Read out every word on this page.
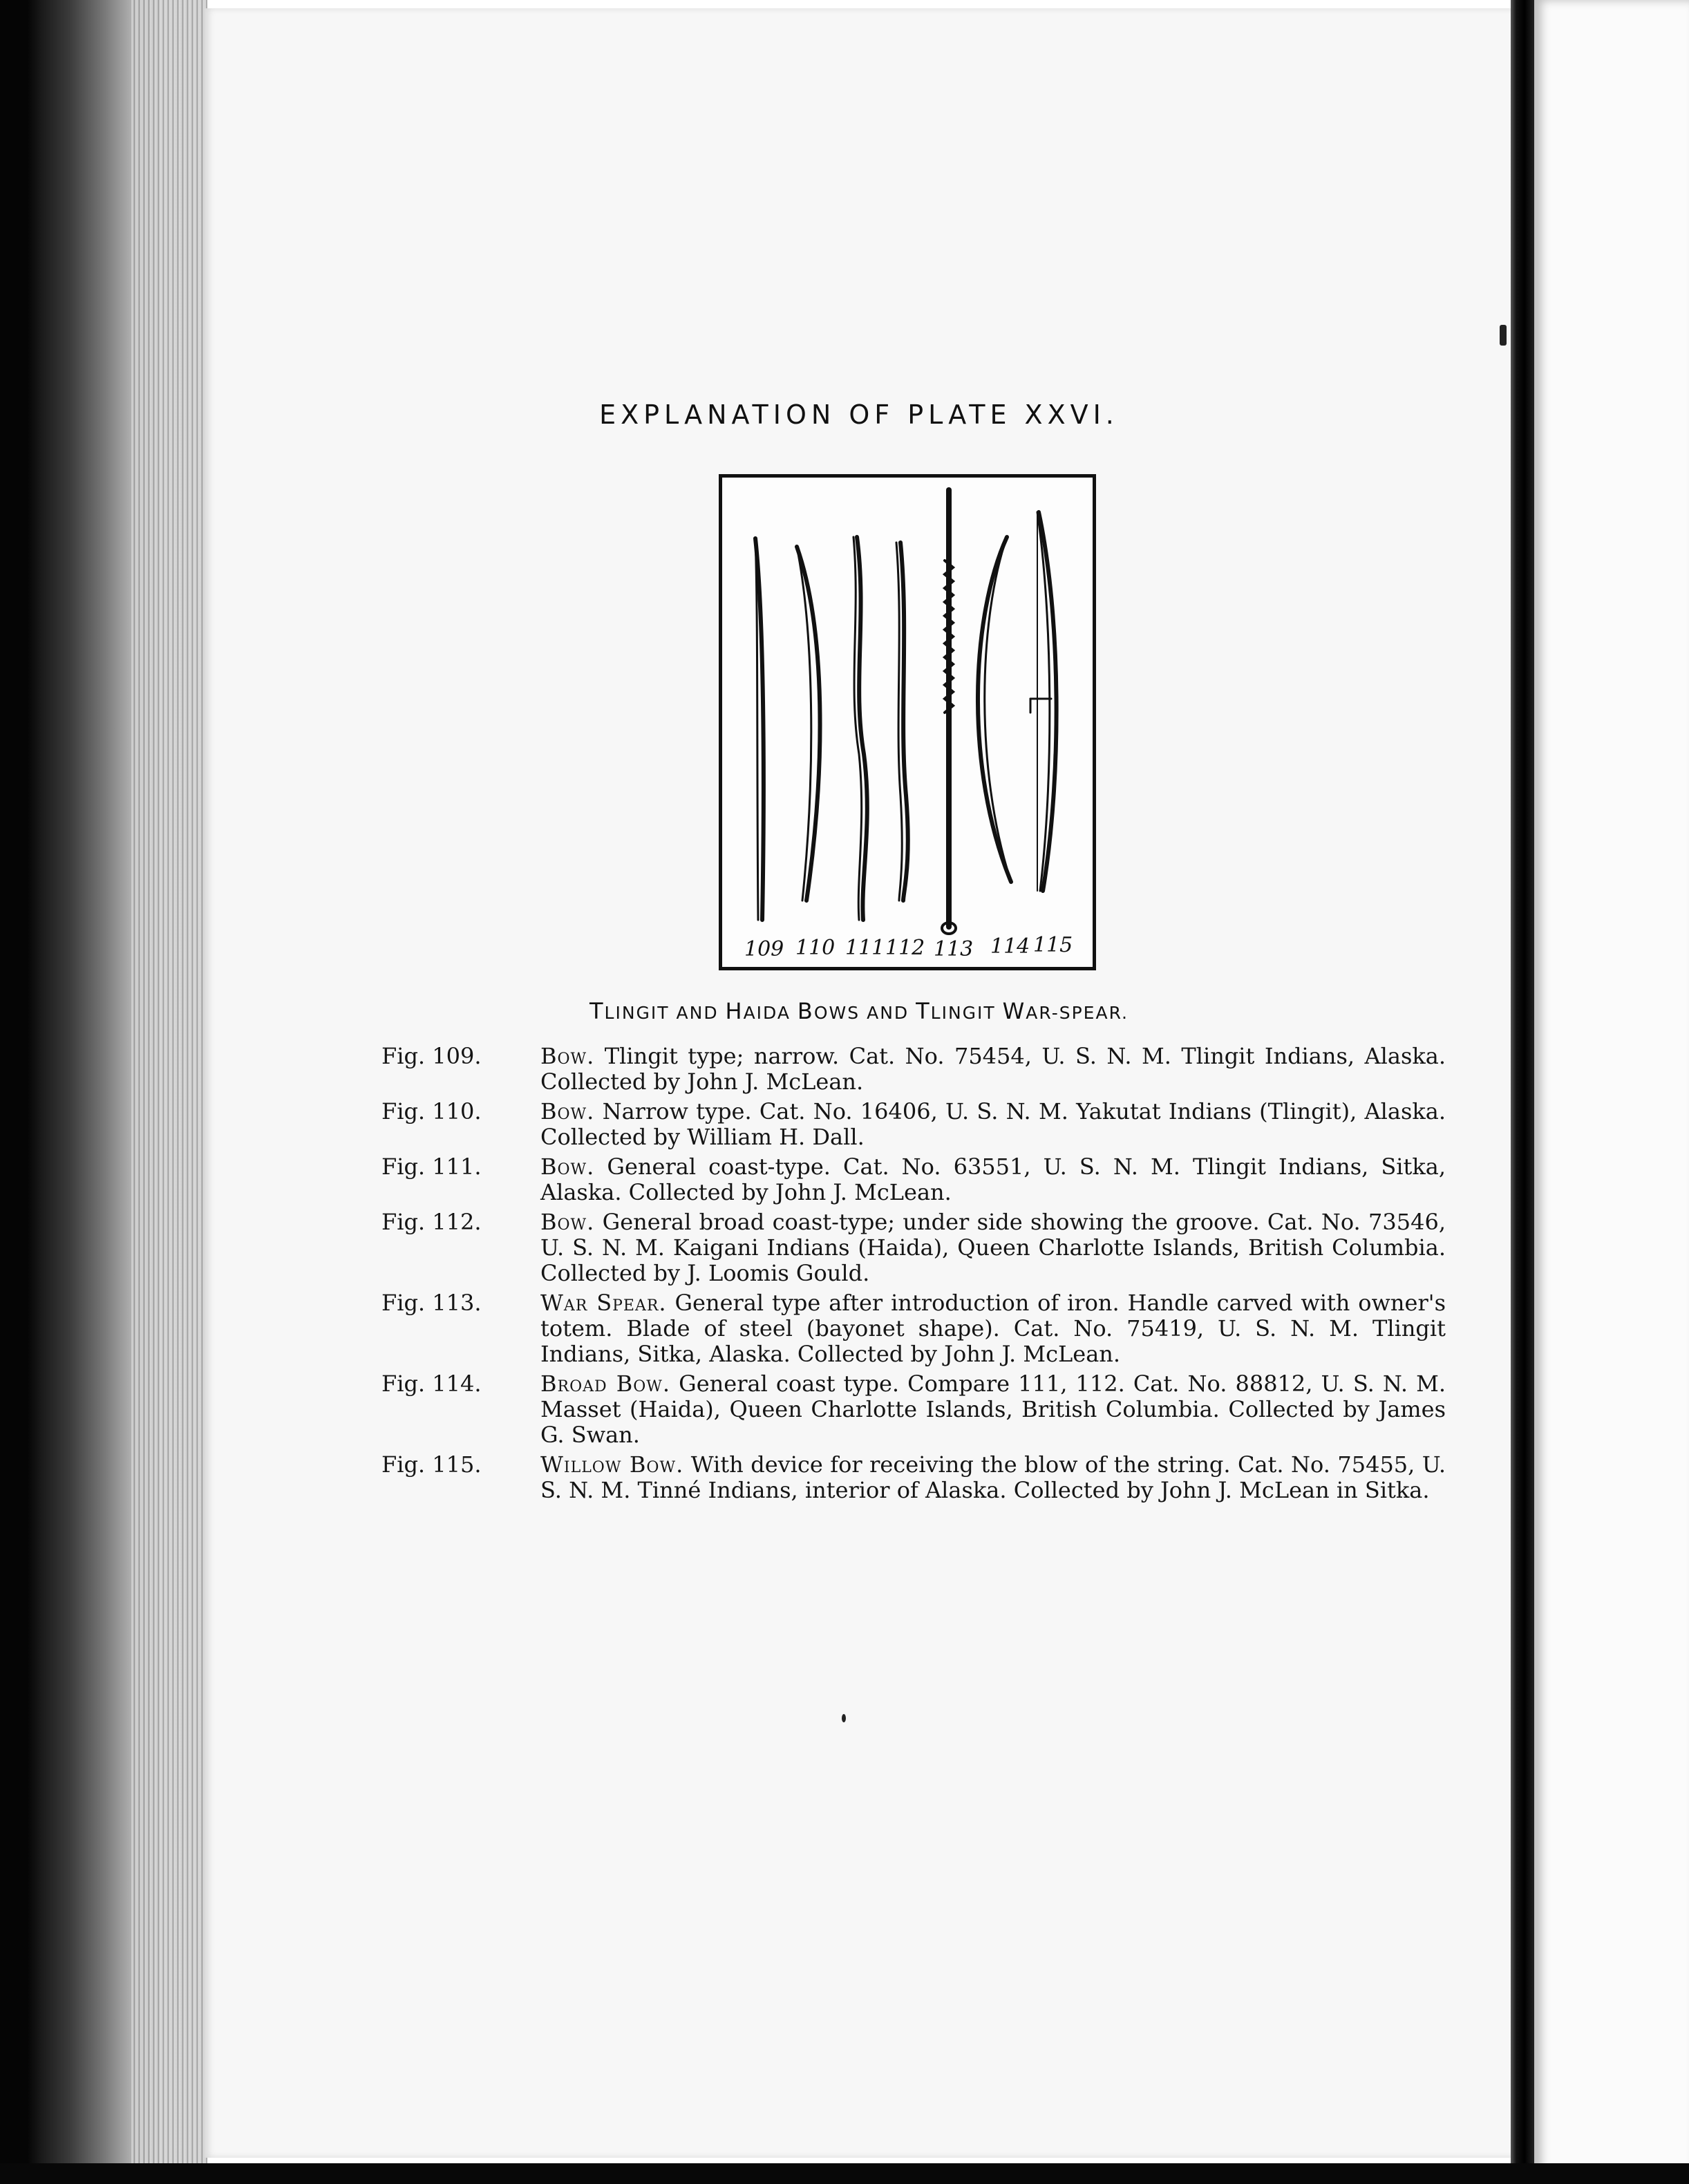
EXPLANATION OF PLATE XXVI.
109 110 111 112 113 114 115
TLINGIT AND HAIDA BOWS AND TLINGIT WAR-SPEAR.
Fig. 109.	Bow. Tlingit type; narrow. Cat. No. 75454, U. S. N. M. Tlingit Indians, Alaska. Collected by John J. McLean.
Fig. 110.	Bow. Narrow type. Cat. No. 16406, U. S. N. M. Yakutat Indians (Tlingit), Alaska. Collected by William H. Dall.
Fig. 111.	Bow. General coast-type. Cat. No. 63551, U. S. N. M. Tlingit Indians, Sitka, Alaska. Collected by John J. McLean.
Fig. 112.	Bow. General broad coast-type; under side showing the groove. Cat. No. 73546, U. S. N. M. Kaigani Indians (Haida), Queen Charlotte Islands, British Columbia. Collected by J. Loomis Gould.
Fig. 113.	War Spear. General type after introduction of iron. Handle carved with owner's totem. Blade of steel (bayonet shape). Cat. No. 75419, U. S. N. M. Tlingit Indians, Sitka, Alaska. Collected by John J. McLean.
Fig. 114.	Broad Bow. General coast type. Compare 111, 112. Cat. No. 88812, U. S. N. M. Masset (Haida), Queen Charlotte Islands, British Columbia. Collected by James G. Swan.
Fig. 115.	Willow Bow. With device for receiving the blow of the string. Cat. No. 75455, U. S. N. M. Tinné Indians, interior of Alaska. Collected by John J. McLean in Sitka.
